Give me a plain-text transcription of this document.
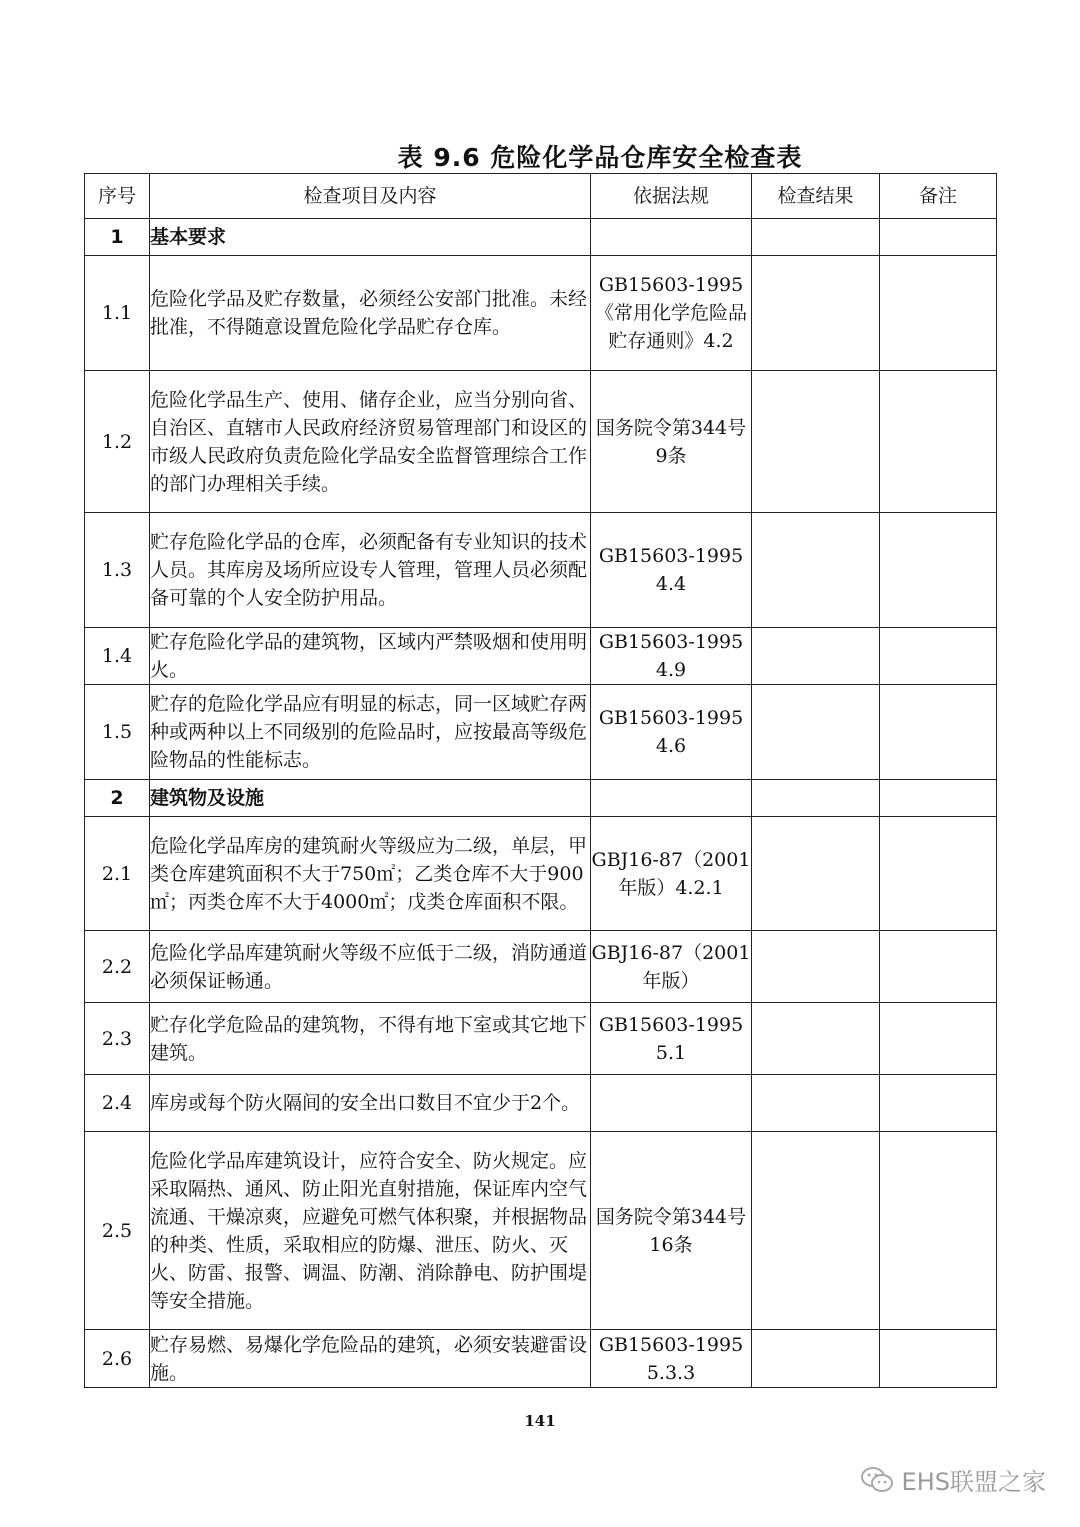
表 9.6 危险化学品仓库安全检查表
序号	检查项目及内容	依据法规	检查结果	备注
1	基本要求			
1.1	危险化学品及贮存数量，必须经公安部门批准。未经批准，不得随意设置危险化学品贮存仓库。	GB15603-1995《常用化学危险品贮存通则》4.2		
1.2	危险化学品生产、使用、储存企业，应当分别向省、自治区、直辖市人民政府经济贸易管理部门和设区的市级人民政府负责危险化学品安全监督管理综合工作的部门办理相关手续。	国务院令第344号9条		
1.3	贮存危险化学品的仓库，必须配备有专业知识的技术人员。其库房及场所应设专人管理，管理人员必须配备可靠的个人安全防护用品。	GB15603-1995 4.4		
1.4	贮存危险化学品的建筑物，区域内严禁吸烟和使用明火。	GB15603-1995 4.9		
1.5	贮存的危险化学品应有明显的标志，同一区域贮存两种或两种以上不同级别的危险品时，应按最高等级危险物品的性能标志。	GB15603-1995 4.6		
2	建筑物及设施			
2.1	危险化学品库房的建筑耐火等级应为二级，单层，甲类仓库建筑面积不大于750㎡；乙类仓库不大于900㎡；丙类仓库不大于4000㎡；戊类仓库面积不限。	GBJ16-87（2001年版）4.2.1		
2.2	危险化学品库建筑耐火等级不应低于二级，消防通道必须保证畅通。	GBJ16-87（2001年版）		
2.3	贮存化学危险品的建筑物，不得有地下室或其它地下建筑。	GB15603-1995 5.1		
2.4	库房或每个防火隔间的安全出口数目不宜少于2个。			
2.5	危险化学品库建筑设计，应符合安全、防火规定。应采取隔热、通风、防止阳光直射措施，保证库内空气流通、干燥凉爽，应避免可燃气体积聚，并根据物品的种类、性质，采取相应的防爆、泄压、防火、灭火、防雷、报警、调温、防潮、消除静电、防护围堤等安全措施。	国务院令第344号16条		
2.6	贮存易燃、易爆化学危险品的建筑，必须安装避雷设施。	GB15603-1995 5.3.3		
141
EHS联盟之家
